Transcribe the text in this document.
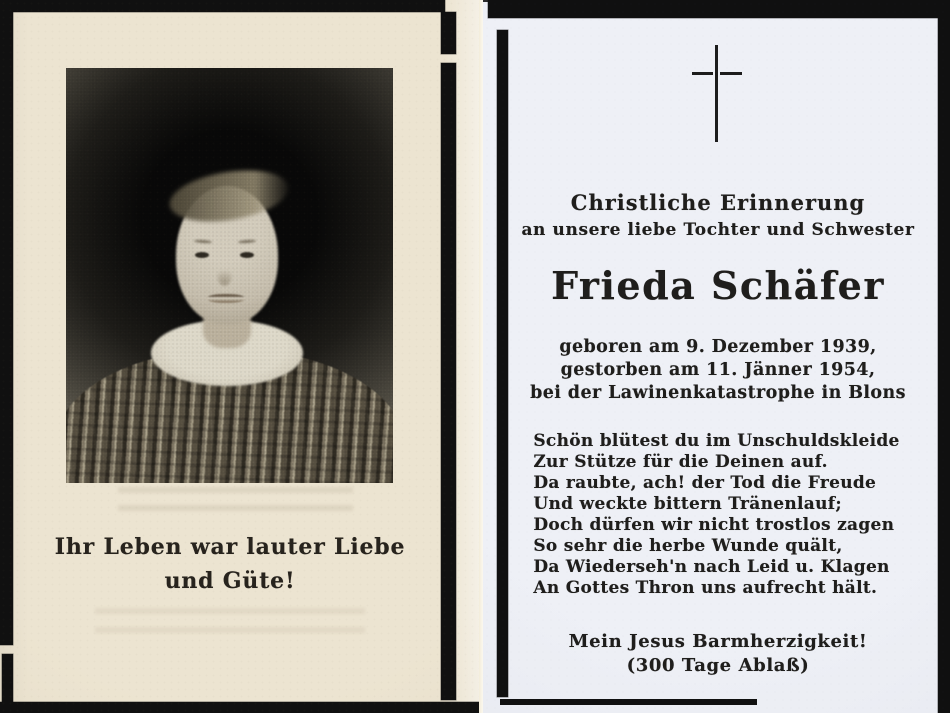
Ihr Leben war lauter Liebe

und Güte!

Christliche Erinnerung

an unsere liebe Tochter und Schwester

Frieda Schäfer

geboren am 9. Dezember 1939,

gestorben am 11. Jänner 1954,

bei der Lawinenkatastrophe in Blons

Schön blütest du im Unschuldskleide

Zur Stütze für die Deinen auf.

Da raubte, ach! der Tod die Freude

Und weckte bittern Tränenlauf;

Doch dürfen wir nicht trostlos zagen

So sehr die herbe Wunde quält,

Da Wiederseh'n nach Leid u. Klagen

An Gottes Thron uns aufrecht hält.

Mein Jesus Barmherzigkeit!

(300 Tage Ablaß)
